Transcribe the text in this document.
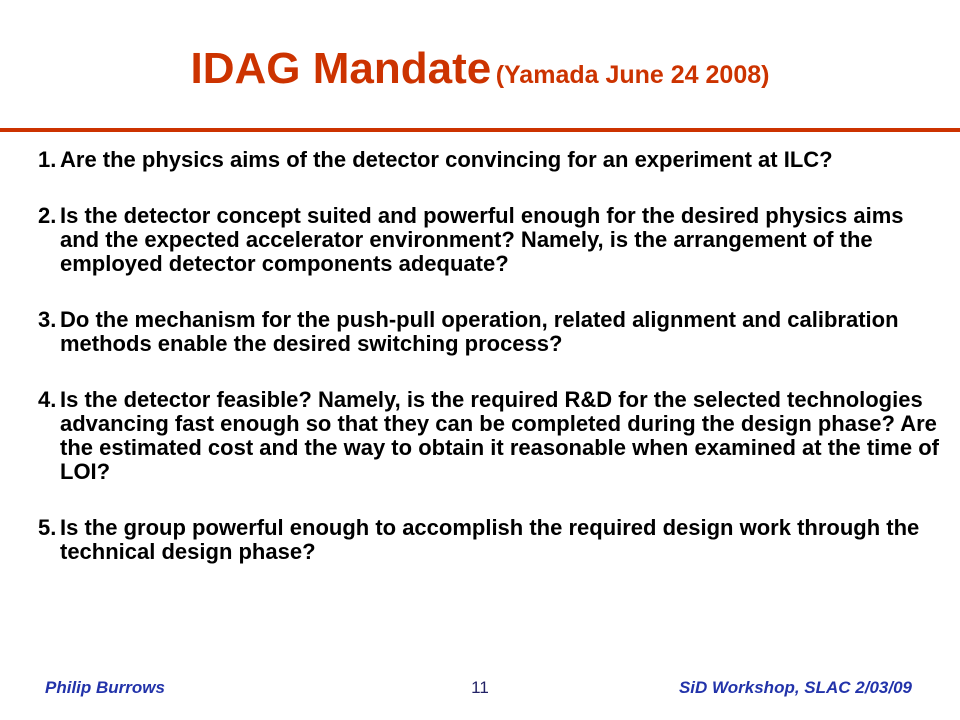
IDAG Mandate (Yamada June 24 2008)
1. Are the physics aims of the detector convincing for an experiment at ILC?
2. Is the detector concept suited and powerful enough for the desired physics aims and the expected accelerator environment? Namely, is the arrangement of the employed detector components adequate?
3. Do the mechanism for the push-pull operation, related alignment and calibration methods enable the desired switching process?
4. Is the detector feasible? Namely, is the required R&D for the selected technologies advancing fast enough so that they can be completed during the design phase? Are the estimated cost and the way to obtain it reasonable when examined at the time of LOI?
5. Is the group powerful enough to accomplish the required design work through the technical design phase?
11
Philip Burrows	SiD Workshop, SLAC 2/03/09
